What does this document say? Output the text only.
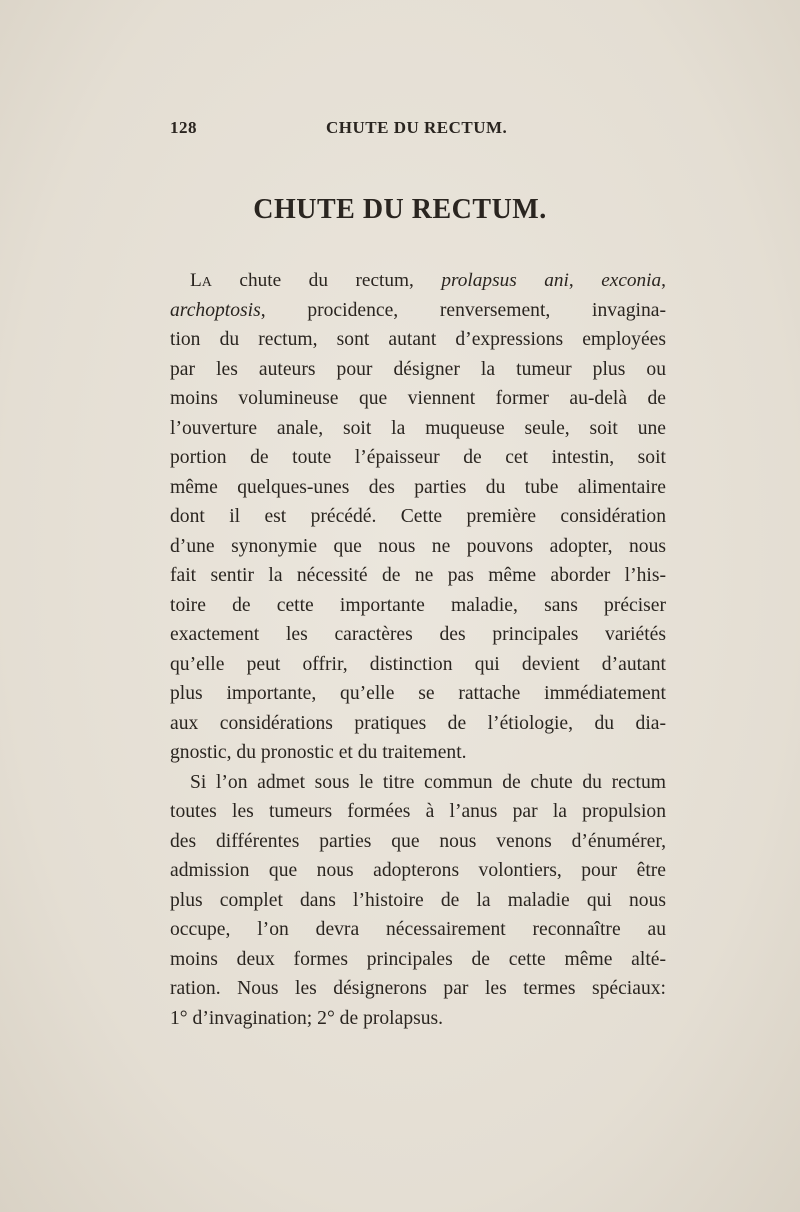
128	CHUTE DU RECTUM.
CHUTE DU RECTUM.
La chute du rectum, prolapsus ani, exconia,
archoptosis, procidence, renversement, invagina-
tion du rectum, sont autant d’expressions employées
par les auteurs pour désigner la tumeur plus ou
moins volumineuse que viennent former au-delà de
l’ouverture anale, soit la muqueuse seule, soit une
portion de toute l’épaisseur de cet intestin, soit
même quelques-unes des parties du tube alimentaire
dont il est précédé. Cette première considération
d’une synonymie que nous ne pouvons adopter, nous
fait sentir la nécessité de ne pas même aborder l’his-
toire de cette importante maladie, sans préciser
exactement les caractères des principales variétés
qu’elle peut offrir, distinction qui devient d’autant
plus importante, qu’elle se rattache immédiatement
aux considérations pratiques de l’étiologie, du dia-
gnostic, du pronostic et du traitement.
Si l’on admet sous le titre commun de chute du rectum
toutes les tumeurs formées à l’anus par la propulsion
des différentes parties que nous venons d’énumérer,
admission que nous adopterons volontiers, pour être
plus complet dans l’histoire de la maladie qui nous
occupe, l’on devra nécessairement reconnaître au
moins deux formes principales de cette même alté-
ration. Nous les désignerons par les termes spéciaux:
1° d’invagination; 2° de prolapsus.
